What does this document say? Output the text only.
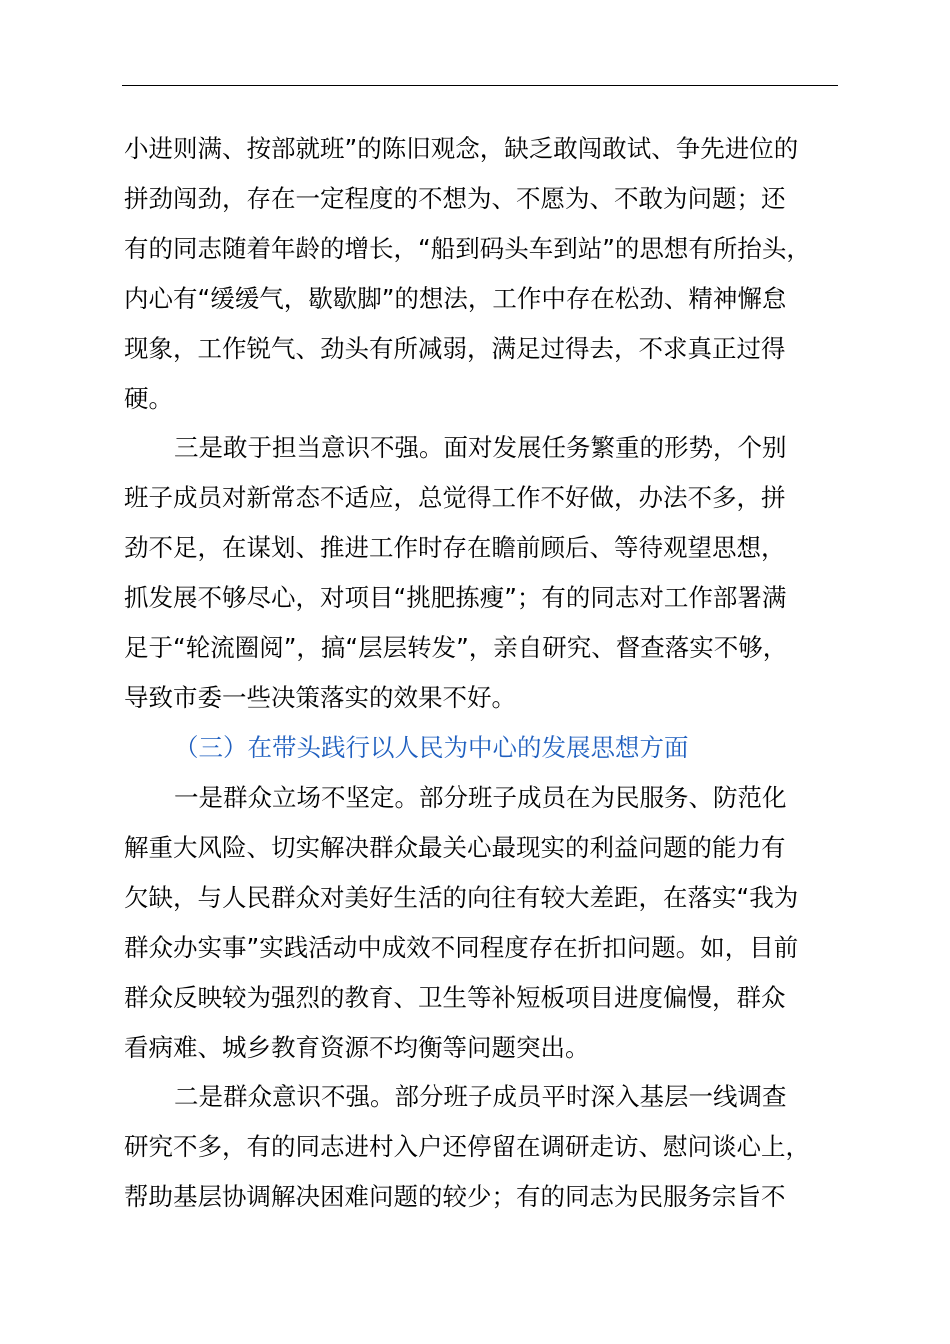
小进则满、按部就班”的陈旧观念，缺乏敢闯敢试、争先进位的
拼劲闯劲，存在一定程度的不想为、不愿为、不敢为问题；还
有的同志随着年龄的增长，“船到码头车到站”的思想有所抬头，
内心有“缓缓气，歇歇脚”的想法，工作中存在松劲、精神懈怠
现象，工作锐气、劲头有所减弱，满足过得去，不求真正过得
硬。
三是敢于担当意识不强。面对发展任务繁重的形势，个别
班子成员对新常态不适应，总觉得工作不好做，办法不多，拼
劲不足，在谋划、推进工作时存在瞻前顾后、等待观望思想，
抓发展不够尽心，对项目“挑肥拣瘦”；有的同志对工作部署满
足于“轮流圈阅”，搞“层层转发”，亲自研究、督查落实不够，
导致市委一些决策落实的效果不好。
（三）在带头践行以人民为中心的发展思想方面
一是群众立场不坚定。部分班子成员在为民服务、防范化
解重大风险、切实解决群众最关心最现实的利益问题的能力有
欠缺，与人民群众对美好生活的向往有较大差距，在落实“我为
群众办实事”实践活动中成效不同程度存在折扣问题。如，目前
群众反映较为强烈的教育、卫生等补短板项目进度偏慢，群众
看病难、城乡教育资源不均衡等问题突出。
二是群众意识不强。部分班子成员平时深入基层一线调查
研究不多，有的同志进村入户还停留在调研走访、慰问谈心上，
帮助基层协调解决困难问题的较少；有的同志为民服务宗旨不
